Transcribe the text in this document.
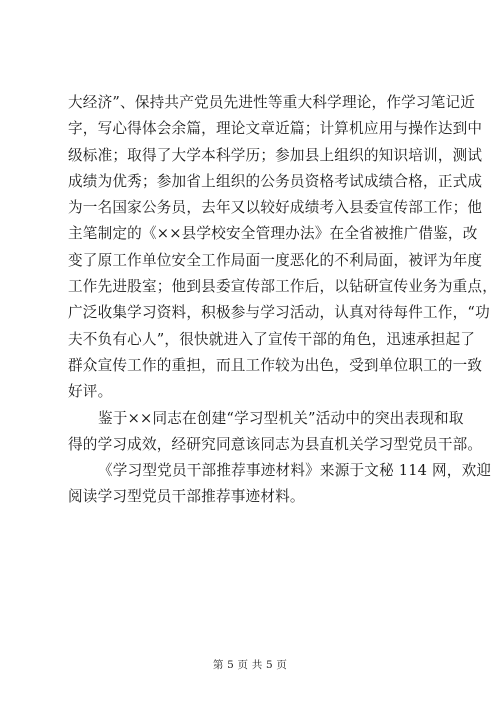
大经济”、保持共产党员先进性等重大科学理论，作学习笔记近
字，写心得体会余篇，理论文章近篇；计算机应用与操作达到中
级标准；取得了大学本科学历；参加县上组织的知识培训，测试
成绩为优秀；参加省上组织的公务员资格考试成绩合格，正式成
为一名国家公务员，去年又以较好成绩考入县委宣传部工作；他
主笔制定的《××县学校安全管理办法》在全省被推广借鉴，改
变了原工作单位安全工作局面一度恶化的不利局面，被评为年度
工作先进股室；他到县委宣传部工作后，以钻研宣传业务为重点，
广泛收集学习资料，积极参与学习活动，认真对待每件工作，“功
夫不负有心人”，很快就进入了宣传干部的角色，迅速承担起了
群众宣传工作的重担，而且工作较为出色，受到单位职工的一致
好评。
鉴于××同志在创建“学习型机关”活动中的突出表现和取
得的学习成效，经研究同意该同志为县直机关学习型党员干部。
《学习型党员干部推荐事迹材料》来源于文秘 114 网，欢迎
阅读学习型党员干部推荐事迹材料。
第 5 页 共 5 页
